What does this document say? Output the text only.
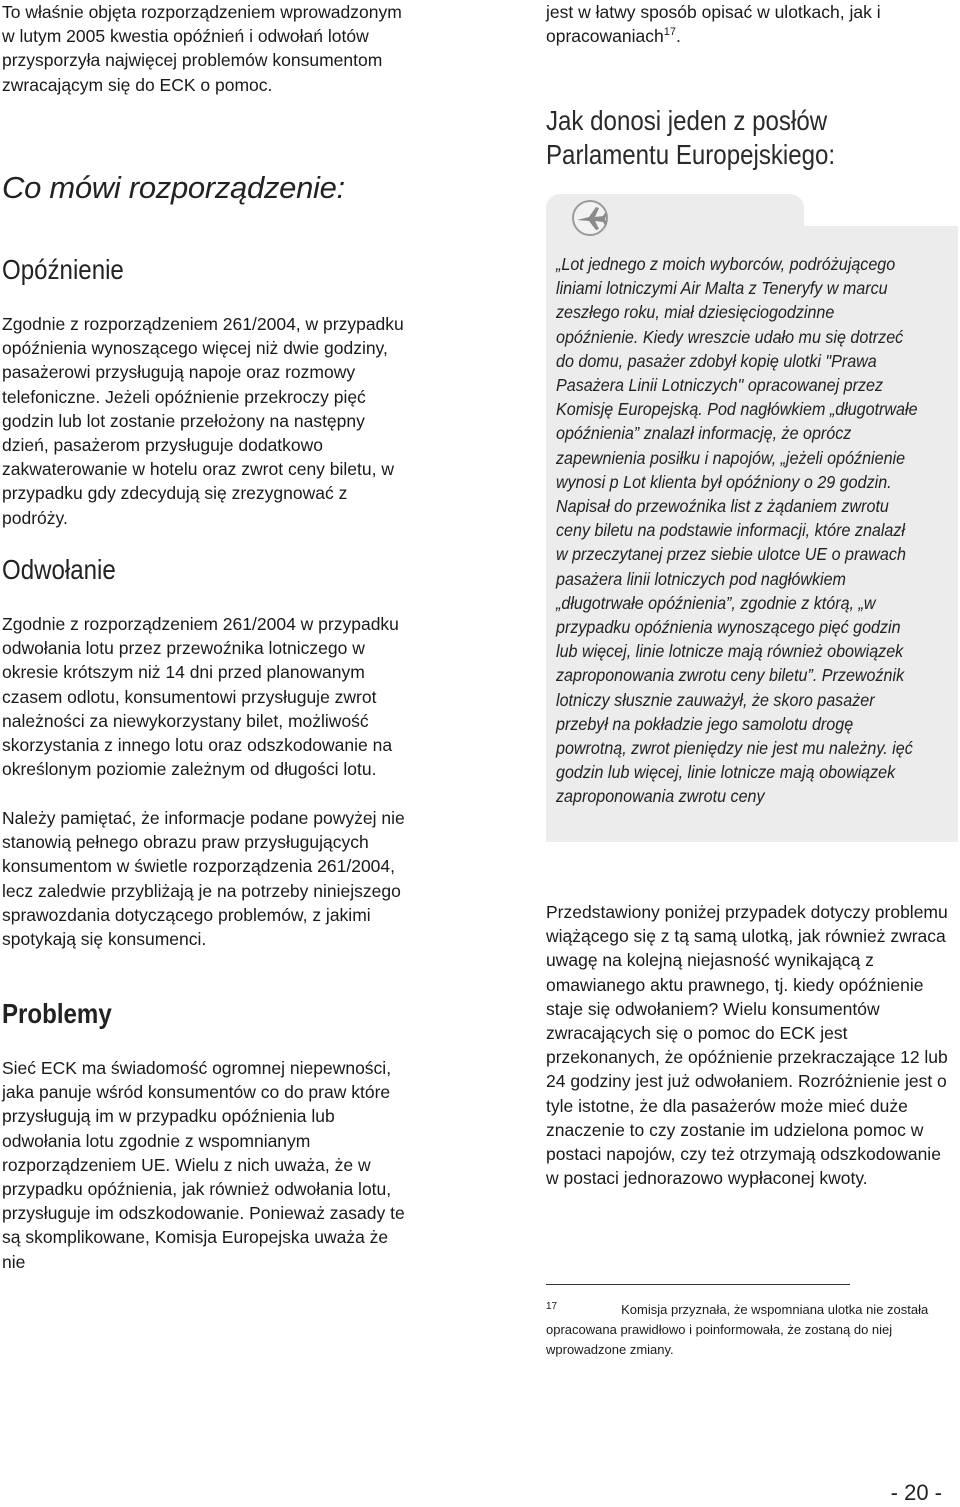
To właśnie objęta rozporządzeniem wprowadzonym w lutym 2005 kwestia opóźnień i odwołań lotów przysporzyła najwięcej problemów konsumentom zwracającym się do ECK o pomoc.

Co mówi rozporządzenie:
Opóźnienie

Zgodnie z rozporządzeniem 261/2004, w przypadku opóźnienia wynoszącego więcej niż dwie godziny, pasażerowi przysługują napoje oraz rozmowy telefoniczne. Jeżeli opóźnienie przekroczy pięć godzin lub lot zostanie przełożony na następny dzień, pasażerom przysługuje dodatkowo zakwaterowanie w hotelu oraz zwrot ceny biletu, w przypadku gdy zdecydują się zrezygnować z podróży.

Odwołanie

Zgodnie z rozporządzeniem 261/2004 w przypadku odwołania lotu przez przewoźnika lotniczego w okresie krótszym niż 14 dni przed planowanym czasem odlotu, konsumentowi przysługuje zwrot należności za niewykorzystany bilet, możliwość skorzystania z innego lotu oraz odszkodowanie na określonym poziomie zależnym od długości lotu.

Należy pamiętać, że informacje podane powyżej nie stanowią pełnego obrazu praw przysługujących konsumentom w świetle rozporządzenia 261/2004, lecz zaledwie przybliżają je na potrzeby niniejszego sprawozdania dotyczącego problemów, z jakimi spotykają się konsumenci.

Problemy

Sieć ECK ma świadomość ogromnej niepewności, jaka panuje wśród konsumentów co do praw które przysługują im w przypadku opóźnienia lub odwołania lotu zgodnie z wspomnianym rozporządzeniem UE. Wielu z nich uważa, że w przypadku opóźnienia, jak również odwołania lotu, przysługuje im odszkodowanie. Ponieważ zasady te są skomplikowane, Komisja Europejska uważa że nie

jest w łatwy sposób opisać w ulotkach, jak i opracowaniach$^{17}$.

Jak donosi jeden z posłów
Parlamentu Europejskiego:
„Lot jednego z moich wyborców, podróżującego liniami lotniczymi Air Malta z Teneryfy w marcu zeszłego roku, miał dziesięciogodzinne opóźnienie. Kiedy wreszcie udało mu się dotrzeć do domu, pasażer zdobył kopię ulotki "Prawa Pasażera Linii Lotniczych" opracowanej przez Komisję Europejską. Pod nagłówkiem „długotrwałe opóźnienia” znalazł informację, że oprócz zapewnienia posiłku i napojów, „jeżeli opóźnienie wynosi p Lot klienta był opóźniony o 29 godzin. Napisał do przewoźnika list z żądaniem zwrotu ceny biletu na podstawie informacji, które znalazł w przeczytanej przez siebie ulotce UE o prawach pasażera linii lotniczych pod nagłówkiem „długotrwałe opóźnienia”, zgodnie z którą, „w przypadku opóźnienia wynoszącego pięć godzin lub więcej, linie lotnicze mają również obowiązek zaproponowania zwrotu ceny biletu”. Przewoźnik lotniczy słusznie zauważył, że skoro pasażer przebył na pokładzie jego samolotu drogę powrotną, zwrot pieniędzy nie jest mu należny. ięć godzin lub więcej, linie lotnicze mają obowiązek zaproponowania zwrotu ceny

Przedstawiony poniżej przypadek dotyczy problemu wiążącego się z tą samą ulotką, jak również zwraca uwagę na kolejną niejasność wynikającą z omawianego aktu prawnego, tj. kiedy opóźnienie staje się odwołaniem? Wielu konsumentów zwracających się o pomoc do ECK jest przekonanych, że opóźnienie przekraczające 12 lub 24 godziny jest już odwołaniem. Rozróżnienie jest o tyle istotne, że dla pasażerów może mieć duże znaczenie to czy zostanie im udzielona pomoc w postaci napojów, czy też otrzymają odszkodowanie w postaci jednorazowo wypłaconej kwoty.

$^{17}$	Komisja przyznała, że wspomniana ulotka nie została opracowana prawidłowo i poinformowała, że zostaną do niej wprowadzone zmiany.
- 20 -
